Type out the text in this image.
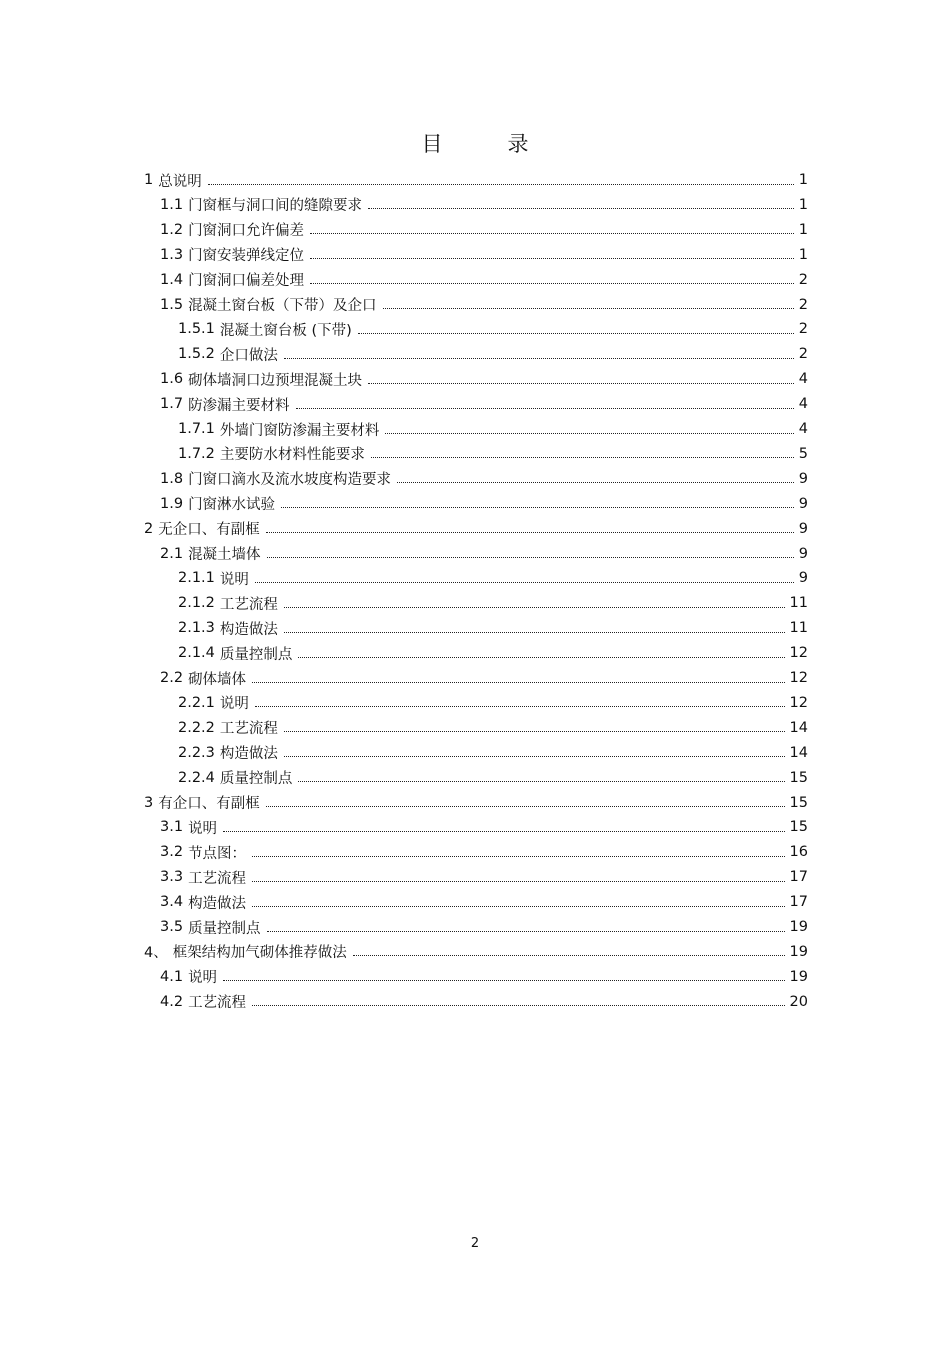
目　录
1 总说明	1
1.1 门窗框与洞口间的缝隙要求	1
1.2 门窗洞口允许偏差	1
1.3 门窗安装弹线定位	1
1.4 门窗洞口偏差处理	2
1.5 混凝土窗台板（下带）及企口	2
1.5.1 混凝土窗台板 (下带)	2
1.5.2 企口做法	2
1.6 砌体墙洞口边预埋混凝土块	4
1.7 防渗漏主要材料	4
1.7.1 外墙门窗防渗漏主要材料	4
1.7.2 主要防水材料性能要求	5
1.8 门窗口滴水及流水坡度构造要求	9
1.9 门窗淋水试验	9
2 无企口、有副框	9
2.1 混凝土墙体	9
2.1.1 说明	9
2.1.2 工艺流程	11
2.1.3 构造做法	11
2.1.4 质量控制点	12
2.2 砌体墙体	12
2.2.1 说明	12
2.2.2 工艺流程	14
2.2.3 构造做法	14
2.2.4 质量控制点	15
3 有企口、有副框	15
3.1 说明	15
3.2 节点图：	16
3.3 工艺流程	17
3.4 构造做法	17
3.5 质量控制点	19
4、 框架结构加气砌体推荐做法	19
4.1 说明	19
4.2 工艺流程	20
2
